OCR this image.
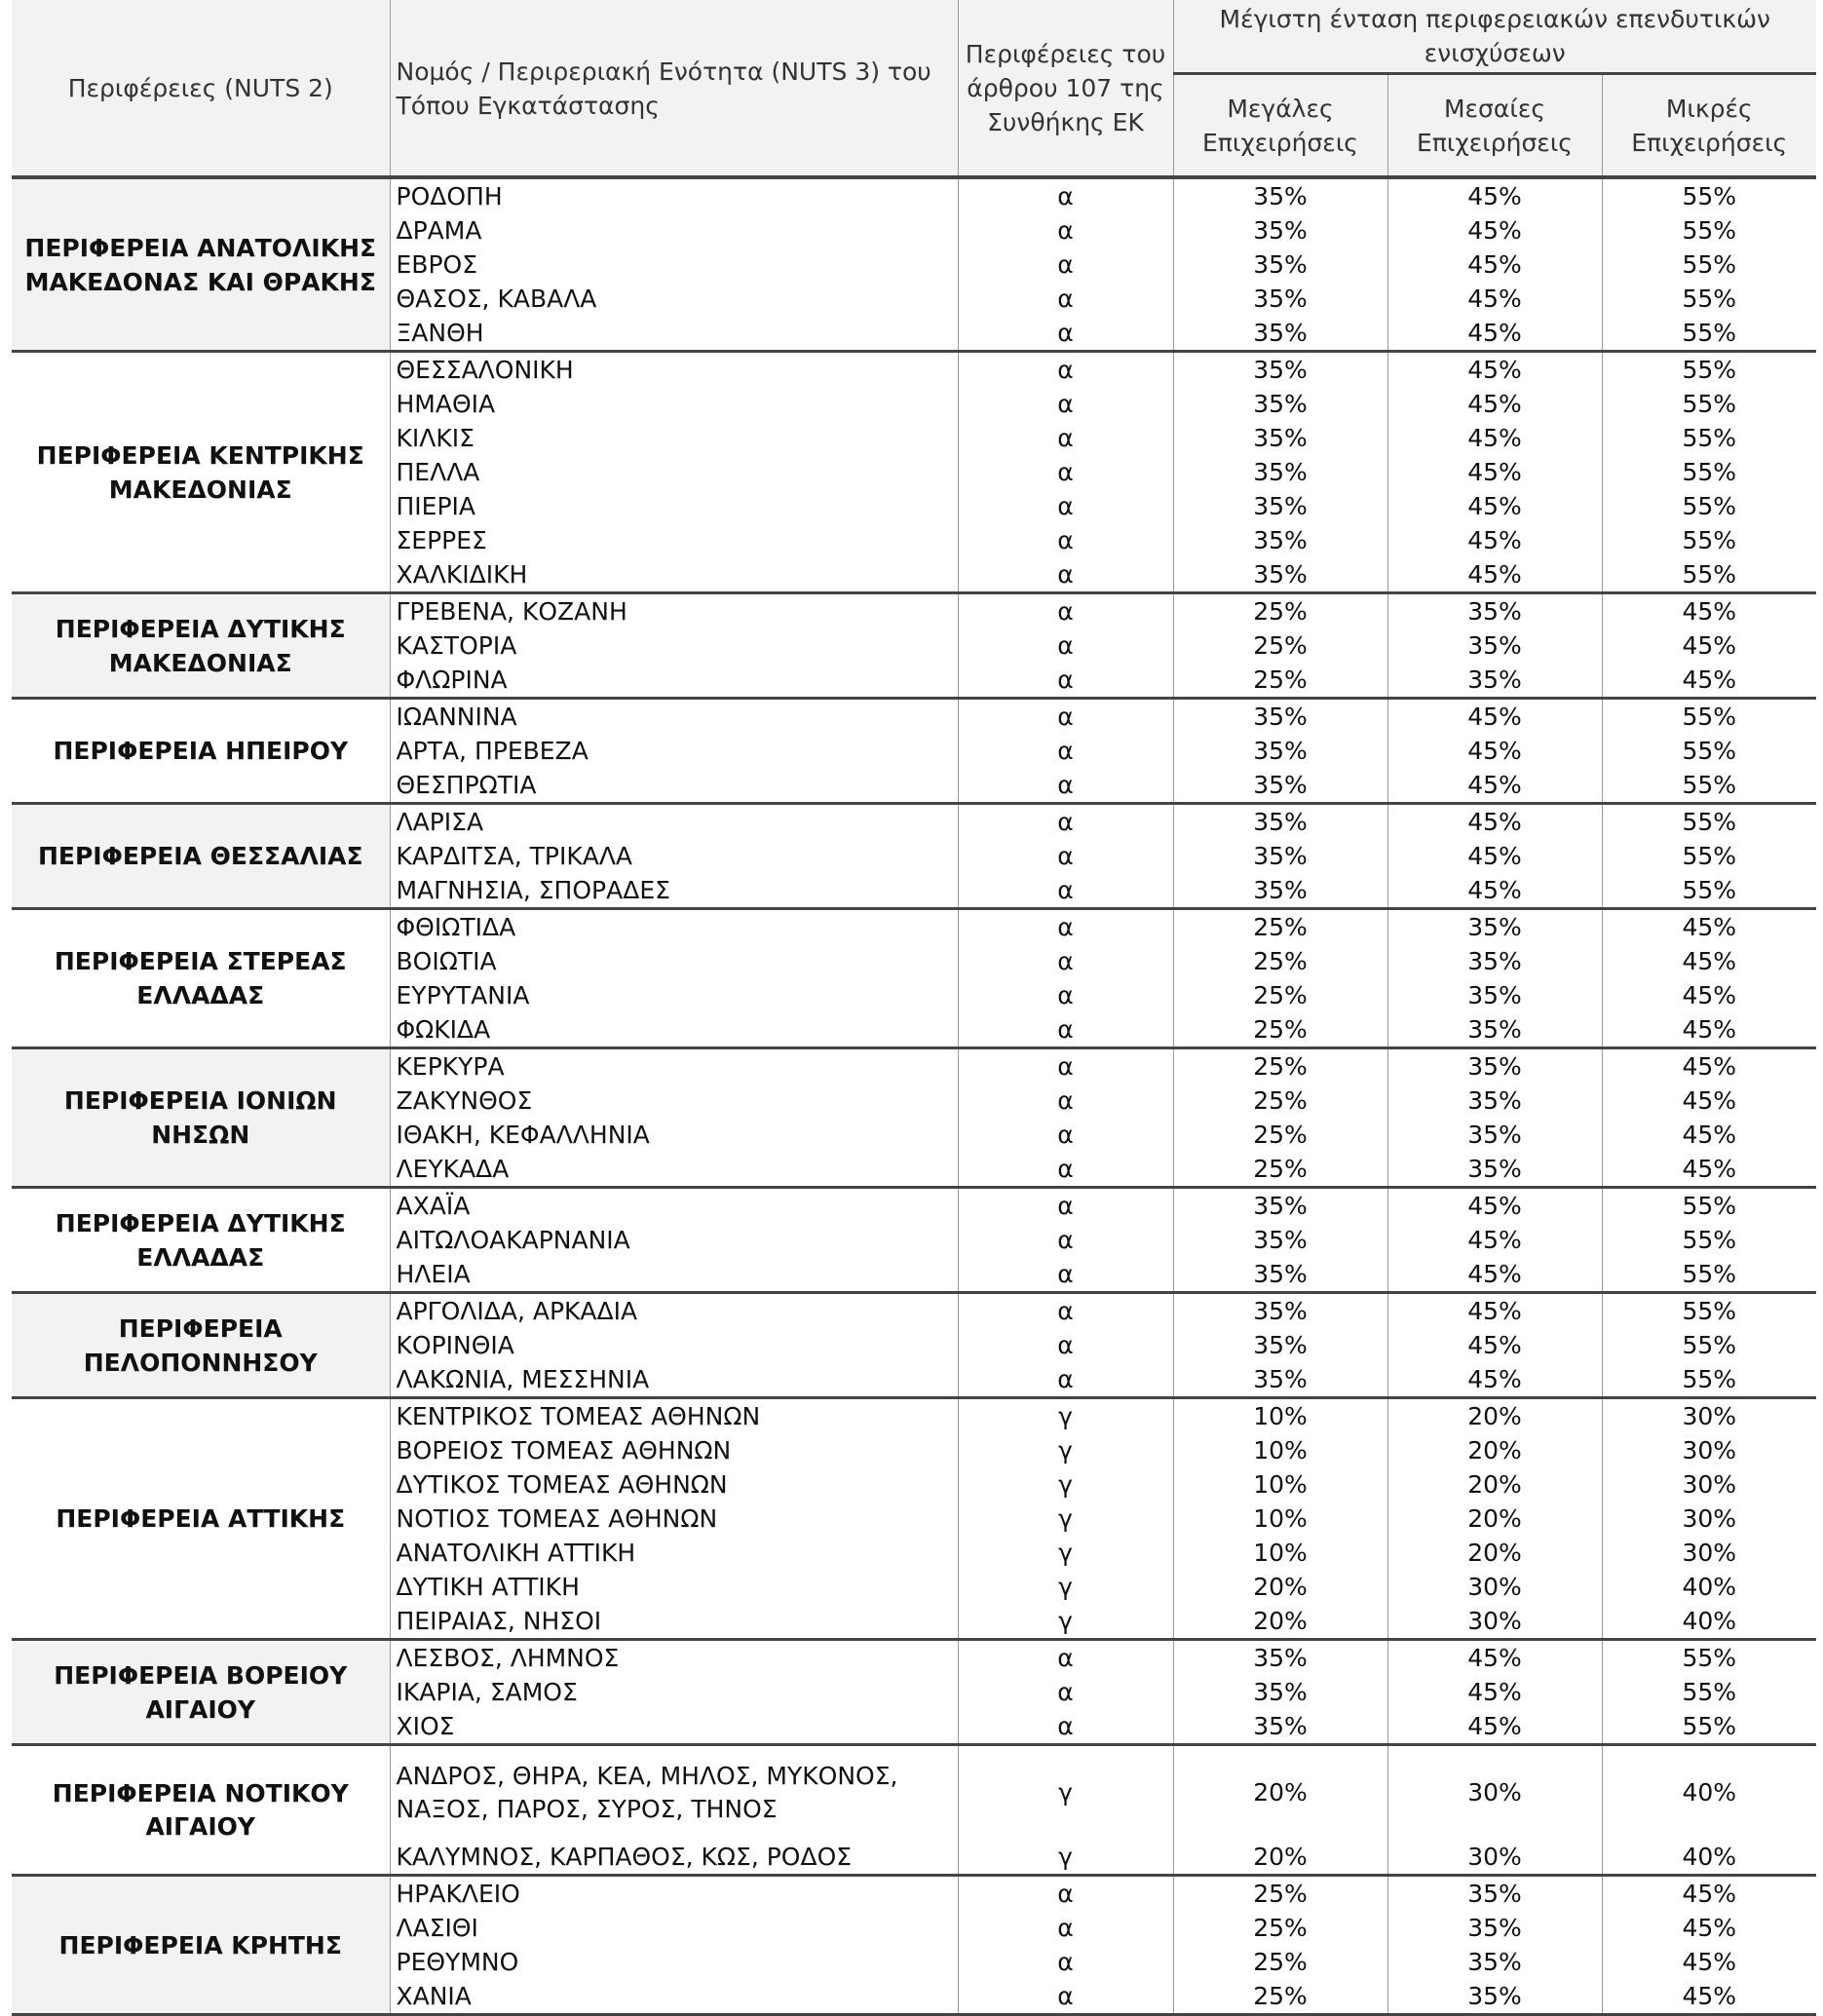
Περιφέρειες (NUTS 2)	Νομός / Περιρεριακή Ενότητα (NUTS 3) του Τόπου Εγκατάστασης	Περιφέρειες του άρθρου 107 της Συνθήκης ΕΚ	Μέγιστη ένταση περιφερειακών επενδυτικών ενισχύσεων		
			Μεγάλες Επιχειρήσεις	Μεσαίες Επιχειρήσεις	Μικρές Επιχειρήσεις
ΠΕΡΙΦΕΡΕΙΑ ΑΝΑΤΟΛΙΚΗΣ ΜΑΚΕΔΟΝΑΣ ΚΑΙ ΘΡΑΚΗΣ	ΡΟΔΟΠΗ	α	35%	45%	55%
	ΔΡΑΜΑ	α	35%	45%	55%
	ΕΒΡΟΣ	α	35%	45%	55%
	ΘΑΣΟΣ, ΚΑΒΑΛΑ	α	35%	45%	55%
	ΞΑΝΘΗ	α	35%	45%	55%
ΠΕΡΙΦΕΡΕΙΑ ΚΕΝΤΡΙΚΗΣ ΜΑΚΕΔΟΝΙΑΣ	ΘΕΣΣΑΛΟΝΙΚΗ	α	35%	45%	55%
	ΗΜΑΘΙΑ	α	35%	45%	55%
	ΚΙΛΚΙΣ	α	35%	45%	55%
	ΠΕΛΛΑ	α	35%	45%	55%
	ΠΙΕΡΙΑ	α	35%	45%	55%
	ΣΕΡΡΕΣ	α	35%	45%	55%
	ΧΑΛΚΙΔΙΚΗ	α	35%	45%	55%
ΠΕΡΙΦΕΡΕΙΑ ΔΥΤΙΚΗΣ ΜΑΚΕΔΟΝΙΑΣ	ΓΡΕΒΕΝΑ, ΚΟΖΑΝΗ	α	25%	35%	45%
	ΚΑΣΤΟΡΙΑ	α	25%	35%	45%
	ΦΛΩΡΙΝΑ	α	25%	35%	45%
ΠΕΡΙΦΕΡΕΙΑ ΗΠΕΙΡΟΥ	ΙΩΑΝΝΙΝΑ	α	35%	45%	55%
	ΑΡΤΑ, ΠΡΕΒΕΖΑ	α	35%	45%	55%
	ΘΕΣΠΡΩΤΙΑ	α	35%	45%	55%
ΠΕΡΙΦΕΡΕΙΑ ΘΕΣΣΑΛΙΑΣ	ΛΑΡΙΣΑ	α	35%	45%	55%
	ΚΑΡΔΙΤΣΑ, ΤΡΙΚΑΛΑ	α	35%	45%	55%
	ΜΑΓΝΗΣΙΑ, ΣΠΟΡΑΔΕΣ	α	35%	45%	55%
ΠΕΡΙΦΕΡΕΙΑ ΣΤΕΡΕΑΣ ΕΛΛΑΔΑΣ	ΦΘΙΩΤΙΔΑ	α	25%	35%	45%
	ΒΟΙΩΤΙΑ	α	25%	35%	45%
	ΕΥΡΥΤΑΝΙΑ	α	25%	35%	45%
	ΦΩΚΙΔΑ	α	25%	35%	45%
ΠΕΡΙΦΕΡΕΙΑ ΙΟΝΙΩΝ ΝΗΣΩΝ	ΚΕΡΚΥΡΑ	α	25%	35%	45%
	ΖΑΚΥΝΘΟΣ	α	25%	35%	45%
	ΙΘΑΚΗ, ΚΕΦΑΛΛΗΝΙΑ	α	25%	35%	45%
	ΛΕΥΚΑΔΑ	α	25%	35%	45%
ΠΕΡΙΦΕΡΕΙΑ ΔΥΤΙΚΗΣ ΕΛΛΑΔΑΣ	ΑΧΑΪΑ	α	35%	45%	55%
	ΑΙΤΩΛΟΑΚΑΡΝΑΝΙΑ	α	35%	45%	55%
	ΗΛΕΙΑ	α	35%	45%	55%
ΠΕΡΙΦΕΡΕΙΑ ΠΕΛΟΠΟΝΝΗΣΟΥ	ΑΡΓΟΛΙΔΑ, ΑΡΚΑΔΙΑ	α	35%	45%	55%
	ΚΟΡΙΝΘΙΑ	α	35%	45%	55%
	ΛΑΚΩΝΙΑ, ΜΕΣΣΗΝΙΑ	α	35%	45%	55%
ΠΕΡΙΦΕΡΕΙΑ ΑΤΤΙΚΗΣ	ΚΕΝΤΡΙΚΟΣ ΤΟΜΕΑΣ ΑΘΗΝΩΝ	γ	10%	20%	30%
	ΒΟΡΕΙΟΣ ΤΟΜΕΑΣ ΑΘΗΝΩΝ	γ	10%	20%	30%
	ΔΥΤΙΚΟΣ ΤΟΜΕΑΣ ΑΘΗΝΩΝ	γ	10%	20%	30%
	ΝΟΤΙΟΣ ΤΟΜΕΑΣ ΑΘΗΝΩΝ	γ	10%	20%	30%
	ΑΝΑΤΟΛΙΚΗ ΑΤΤΙΚΗ	γ	10%	20%	30%
	ΔΥΤΙΚΗ ΑΤΤΙΚΗ	γ	20%	30%	40%
	ΠΕΙΡΑΙΑΣ, ΝΗΣΟΙ	γ	20%	30%	40%
ΠΕΡΙΦΕΡΕΙΑ ΒΟΡΕΙΟΥ ΑΙΓΑΙΟΥ	ΛΕΣΒΟΣ, ΛΗΜΝΟΣ	α	35%	45%	55%
	ΙΚΑΡΙΑ, ΣΑΜΟΣ	α	35%	45%	55%
	ΧΙΟΣ	α	35%	45%	55%
ΠΕΡΙΦΕΡΕΙΑ ΝΟΤΙΚΟΥ ΑΙΓΑΙΟΥ	ΑΝΔΡΟΣ, ΘΗΡΑ, ΚΕΑ, ΜΗΛΟΣ, ΜΥΚΟΝΟΣ, ΝΑΞΟΣ, ΠΑΡΟΣ, ΣΥΡΟΣ, ΤΗΝΟΣ	γ	20%	30%	40%
	ΚΑΛΥΜΝΟΣ, ΚΑΡΠΑΘΟΣ, ΚΩΣ, ΡΟΔΟΣ	γ	20%	30%	40%
ΠΕΡΙΦΕΡΕΙΑ ΚΡΗΤΗΣ	ΗΡΑΚΛΕΙΟ	α	25%	35%	45%
	ΛΑΣΙΘΙ	α	25%	35%	45%
	ΡΕΘΥΜΝΟ	α	25%	35%	45%
	ΧΑΝΙΑ	α	25%	35%	45%
